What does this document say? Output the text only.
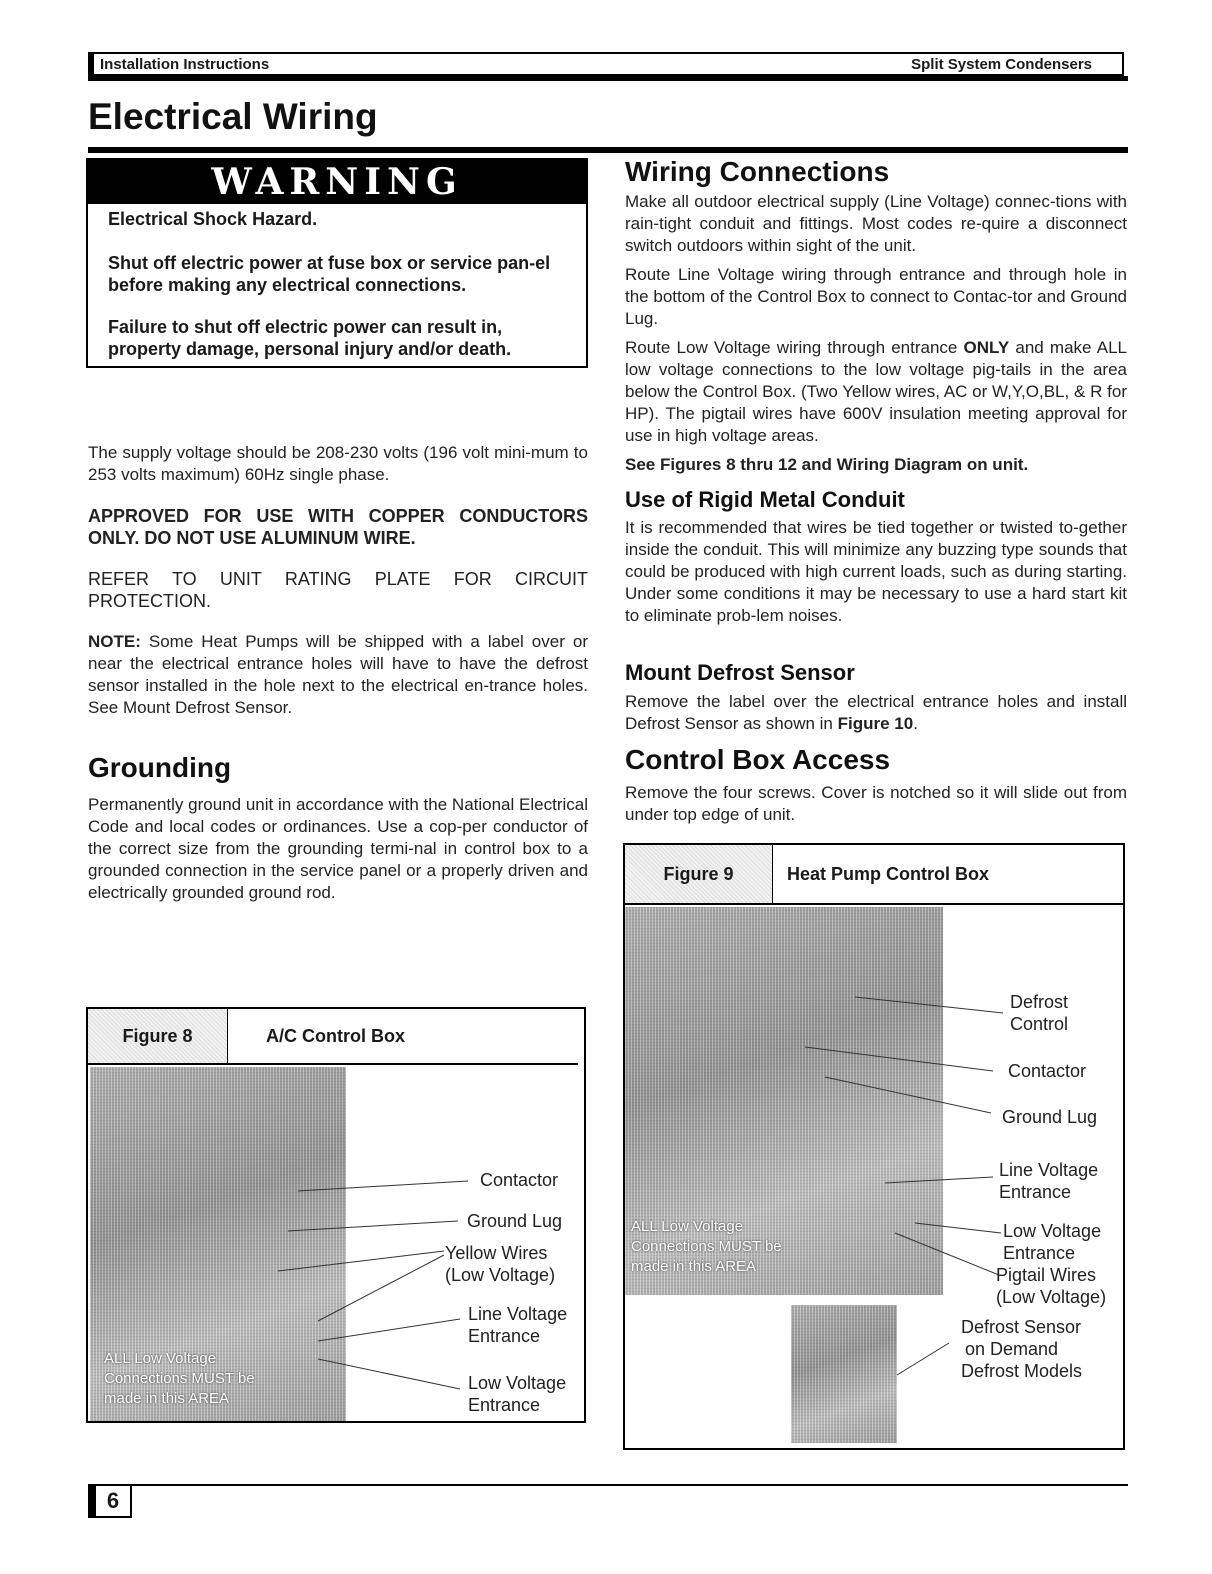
Installation Instructions	Split System Condensers
Electrical Wiring
WARNING
Electrical Shock Hazard.
Shut off electric power at fuse box or service pan-el before making any electrical connections.
Failure to shut off electric power can result in, property damage, personal injury and/or death.

The supply voltage should be 208-230 volts (196 volt mini-mum to 253 volts maximum) 60Hz single phase.

APPROVED FOR USE WITH COPPER CONDUCTORS ONLY. DO NOT USE ALUMINUM WIRE.

REFER TO UNIT RATING PLATE FOR CIRCUIT PROTECTION.

NOTE: Some Heat Pumps will be shipped with a label over or near the electrical entrance holes will have to have the defrost sensor installed in the hole next to the electrical en-trance holes. See Mount Defrost Sensor.

Grounding

Permanently ground unit in accordance with the National Electrical Code and local codes or ordinances. Use a cop-per conductor of the correct size from the grounding termi-nal in control box to a grounded connection in the service panel or a properly driven and electrically grounded ground rod.

Wiring Connections

Make all outdoor electrical supply (Line Voltage) connec-tions with rain-tight conduit and fittings. Most codes re-quire a disconnect switch outdoors within sight of the unit.

Route Line Voltage wiring through entrance and through hole in the bottom of the Control Box to connect to Contac-tor and Ground Lug.

Route Low Voltage wiring through entrance ONLY and make ALL low voltage connections to the low voltage pig-tails in the area below the Control Box. (Two Yellow wires, AC or W,Y,O,BL, & R for HP). The pigtail wires have 600V insulation meeting approval for use in high voltage areas.

See Figures 8 thru 12 and Wiring Diagram on unit.

Use of Rigid Metal Conduit

It is recommended that wires be tied together or twisted to-gether inside the conduit. This will minimize any buzzing type sounds that could be produced with high current loads, such as during starting. Under some conditions it may be necessary to use a hard start kit to eliminate prob-lem noises.

Mount Defrost Sensor

Remove the label over the electrical entrance holes and install Defrost Sensor as shown in Figure 10.

Control Box Access

Remove the four screws. Cover is notched so it will slide out from under top edge of unit.

Figure 8	A/C Control Box
ALL Low Voltage
Connections MUST be
made in this AREA
Contactor
Ground Lug
Yellow Wires
(Low Voltage)
Line Voltage
Entrance
Low Voltage
Entrance
Figure 9	Heat Pump Control Box
ALL Low Voltage
Connections MUST be
made in this AREA
Defrost
Control
Contactor
Ground Lug
Line Voltage
Entrance
Low Voltage
Entrance
Pigtail Wires
(Low Voltage)
Defrost Sensor
on Demand
Defrost Models
6
